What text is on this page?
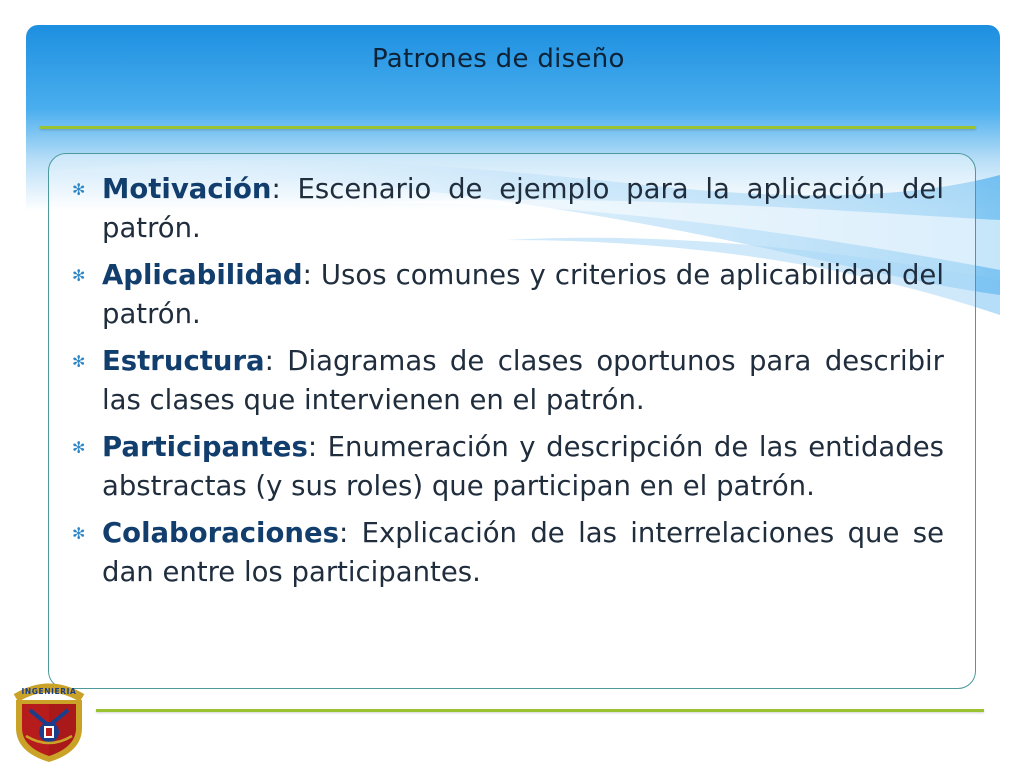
Patrones de diseño
✻ Motivación: Escenario de ejemplo para la aplicación del patrón.
✻ Aplicabilidad: Usos comunes y criterios de aplicabilidad del patrón.
✻ Estructura: Diagramas de clases oportunos para describir las clases que intervienen en el patrón.
✻ Participantes: Enumeración y descripción de las entidades abstractas (y sus roles) que participan en el patrón.
✻ Colaboraciones: Explicación de las interrelaciones que se dan entre los participantes.
INGENIERIA
